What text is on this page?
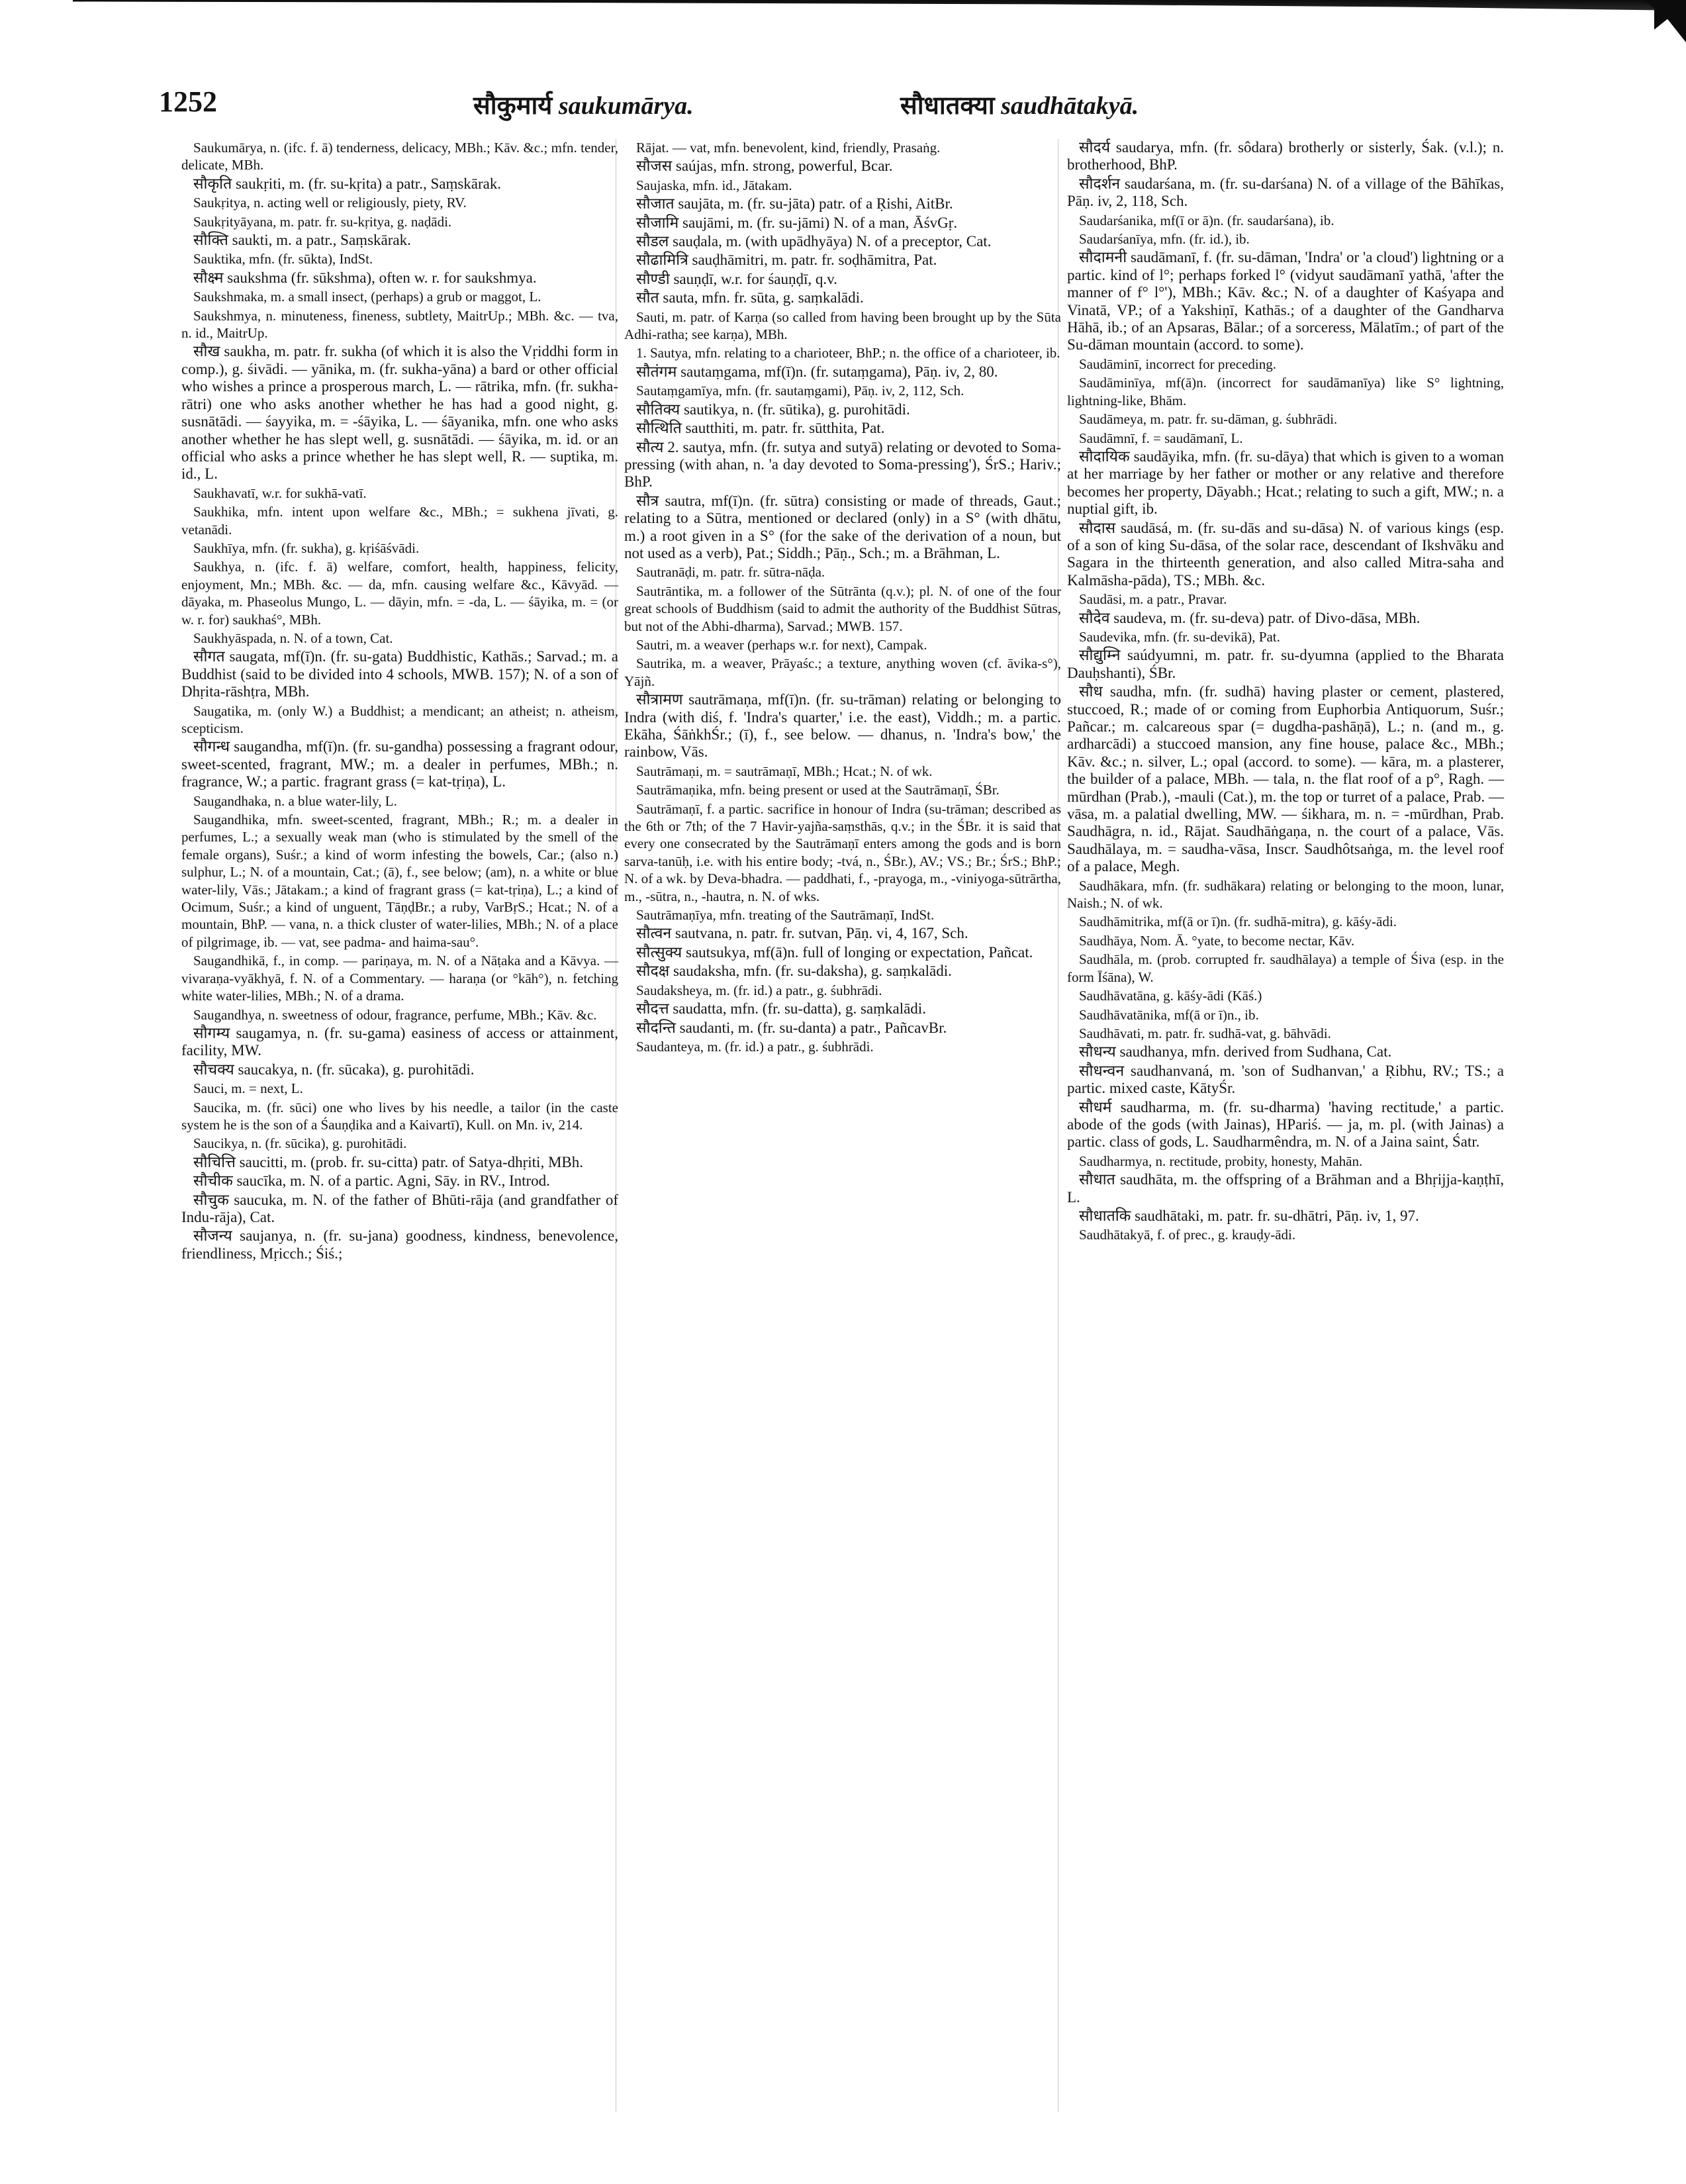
1252	सौकुमार्य saukumārya.	सौधातक्या saudhātakyā.

Saukumārya, n. (ifc. f. ā) tenderness, delicacy, MBh.; Kāv. &c.; mfn. tender, delicate, MBh.

सौकृति saukṛiti, m. (fr. su-kṛita) a patr., Saṃskārak.

Saukṛitya, n. acting well or religiously, piety, RV.

Saukṛityāyana, m. patr. fr. su-kṛitya, g. naḍādi.

सौक्ति saukti, m. a patr., Saṃskārak.

Sauktika, mfn. (fr. sūkta), IndSt.

सौक्ष्म saukshma (fr. sūkshma), often w. r. for saukshmya.

Saukshmaka, m. a small insect, (perhaps) a grub or maggot, L.

Saukshmya, n. minuteness, fineness, subtlety, MaitrUp.; MBh. &c. — tva, n. id., MaitrUp.

सौख saukha, m. patr. fr. sukha (of which it is also the Vṛiddhi form in comp.), g. śivādi. — yānika, m. (fr. sukha-yāna) a bard or other official who wishes a prince a prosperous march, L. — rātrika, mfn. (fr. sukha-rātri) one who asks another whether he has had a good night, g. susnātādi. — śayyika, m. = -śāyika, L. — śāyanika, mfn. one who asks another whether he has slept well, g. susnātādi. — śāyika, m. id. or an official who asks a prince whether he has slept well, R. — suptika, m. id., L.

Saukhavatī, w.r. for sukhā-vatī.

Saukhika, mfn. intent upon welfare &c., MBh.; = sukhena jīvati, g. vetanādi.

Saukhīya, mfn. (fr. sukha), g. kṛiśāśvādi.

Saukhya, n. (ifc. f. ā) welfare, comfort, health, happiness, felicity, enjoyment, Mn.; MBh. &c. — da, mfn. causing welfare &c., Kāvyād. — dāyaka, m. Phaseolus Mungo, L. — dāyin, mfn. = -da, L. — śāyika, m. = (or w. r. for) saukhaś°, MBh.

Saukhyāspada, n. N. of a town, Cat.

सौगत saugata, mf(ī)n. (fr. su-gata) Buddhistic, Kathās.; Sarvad.; m. a Buddhist (said to be divided into 4 schools, MWB. 157); N. of a son of Dhṛita-rāshṭra, MBh.

Saugatika, m. (only W.) a Buddhist; a mendicant; an atheist; n. atheism, scepticism.

सौगन्ध saugandha, mf(ī)n. (fr. su-gandha) possessing a fragrant odour, sweet-scented, fragrant, MW.; m. a dealer in perfumes, MBh.; n. fragrance, W.; a partic. fragrant grass (= kat-tṛiṇa), L.

Saugandhaka, n. a blue water-lily, L.

Saugandhika, mfn. sweet-scented, fragrant, MBh.; R.; m. a dealer in perfumes, L.; a sexually weak man (who is stimulated by the smell of the female organs), Suśr.; a kind of worm infesting the bowels, Car.; (also n.) sulphur, L.; N. of a mountain, Cat.; (ā), f., see below; (am), n. a white or blue water-lily, Vās.; Jātakam.; a kind of fragrant grass (= kat-tṛiṇa), L.; a kind of Ocimum, Suśr.; a kind of unguent, TāṇḍBr.; a ruby, VarBṛS.; Hcat.; N. of a mountain, BhP. — vana, n. a thick cluster of water-lilies, MBh.; N. of a place of pilgrimage, ib. — vat, see padma- and haima-sau°.

Saugandhikā, f., in comp. — pariṇaya, m. N. of a Nāṭaka and a Kāvya. — vivaraṇa-vyākhyā, f. N. of a Commentary. — haraṇa (or °kāh°), n. fetching white water-lilies, MBh.; N. of a drama.

Saugandhya, n. sweetness of odour, fragrance, perfume, MBh.; Kāv. &c.

सौगम्य saugamya, n. (fr. su-gama) easiness of access or attainment, facility, MW.

सौचक्य saucakya, n. (fr. sūcaka), g. purohitādi.

Sauci, m. = next, L.

Saucika, m. (fr. sūci) one who lives by his needle, a tailor (in the caste system he is the son of a Śauṇḍika and a Kaivartī), Kull. on Mn. iv, 214.

Saucikya, n. (fr. sūcika), g. purohitādi.

सौचित्ति saucitti, m. (prob. fr. su-citta) patr. of Satya-dhṛiti, MBh.

सौचीक saucīka, m. N. of a partic. Agni, Sāy. in RV., Introd.

सौचुक saucuka, m. N. of the father of Bhūti-rāja (and grandfather of Indu-rāja), Cat.

सौजन्य saujanya, n. (fr. su-jana) goodness, kindness, benevolence, friendliness, Mṛicch.; Śiś.;

Rājat. — vat, mfn. benevolent, kind, friendly, Prasaṅg.

सौजस saújas, mfn. strong, powerful, Bcar.

Saujaska, mfn. id., Jātakam.

सौजात saujāta, m. (fr. su-jāta) patr. of a Ṛishi, AitBr.

सौजामि saujāmi, m. (fr. su-jāmi) N. of a man, ĀśvGṛ.

सौडल sauḍala, m. (with upādhyāya) N. of a preceptor, Cat.

सौढामित्रि sauḍhāmitri, m. patr. fr. soḍhāmitra, Pat.

सौण्डी sauṇḍī, w.r. for śauṇḍī, q.v.

सौत sauta, mfn. fr. sūta, g. saṃkalādi.

Sauti, m. patr. of Karṇa (so called from having been brought up by the Sūta Adhi-ratha; see karṇa), MBh.

1. Sautya, mfn. relating to a charioteer, BhP.; n. the office of a charioteer, ib.

सौतंगम sautaṃgama, mf(ī)n. (fr. sutaṃgama), Pāṇ. iv, 2, 80.

Sautaṃgamīya, mfn. (fr. sautaṃgami), Pāṇ. iv, 2, 112, Sch.

सौतिक्य sautikya, n. (fr. sūtika), g. purohitādi.

सौत्थिति sautthiti, m. patr. fr. sūtthita, Pat.

सौत्य 2. sautya, mfn. (fr. sutya and sutyā) relating or devoted to Soma-pressing (with ahan, n. 'a day devoted to Soma-pressing'), ŚrS.; Hariv.; BhP.

सौत्र sautra, mf(ī)n. (fr. sūtra) consisting or made of threads, Gaut.; relating to a Sūtra, mentioned or declared (only) in a S° (with dhātu, m.) a root given in a S° (for the sake of the derivation of a noun, but not used as a verb), Pat.; Siddh.; Pāṇ., Sch.; m. a Brāhman, L.

Sautranāḍi, m. patr. fr. sūtra-nāḍa.

Sautrāntika, m. a follower of the Sūtrānta (q.v.); pl. N. of one of the four great schools of Buddhism (said to admit the authority of the Buddhist Sūtras, but not of the Abhi-dharma), Sarvad.; MWB. 157.

Sautri, m. a weaver (perhaps w.r. for next), Campak.

Sautrika, m. a weaver, Prāyaśc.; a texture, anything woven (cf. āvika-s°), Yājñ.

सौत्रामण sautrāmaṇa, mf(ī)n. (fr. su-trāman) relating or belonging to Indra (with diś, f. 'Indra's quarter,' i.e. the east), Viddh.; m. a partic. Ekāha, ŚāṅkhŚr.; (ī), f., see below. — dhanus, n. 'Indra's bow,' the rainbow, Vās.

Sautrāmaṇi, m. = sautrāmaṇī, MBh.; Hcat.; N. of wk.

Sautrāmaṇika, mfn. being present or used at the Sautrāmaṇī, ŚBr.

Sautrāmaṇī, f. a partic. sacrifice in honour of Indra (su-trāman; described as the 6th or 7th; of the 7 Havir-yajña-saṃsthās, q.v.; in the ŚBr. it is said that every one consecrated by the Sautrāmaṇī enters among the gods and is born sarva-tanūḥ, i.e. with his entire body; -tvá, n., ŚBr.), AV.; VS.; Br.; ŚrS.; BhP.; N. of a wk. by Deva-bhadra. — paddhati, f., -prayoga, m., -viniyoga-sūtrārtha, m., -sūtra, n., -hautra, n. N. of wks.

Sautrāmaṇīya, mfn. treating of the Sautrāmaṇī, IndSt.

सौत्वन sautvana, n. patr. fr. sutvan, Pāṇ. vi, 4, 167, Sch.

सौत्सुक्य sautsukya, mf(ā)n. full of longing or expectation, Pañcat.

सौदक्ष saudaksha, mfn. (fr. su-daksha), g. saṃkalādi.

Saudaksheya, m. (fr. id.) a patr., g. śubhrādi.

सौदत्त saudatta, mfn. (fr. su-datta), g. saṃkalādi.

सौदन्ति saudanti, m. (fr. su-danta) a patr., PañcavBr.

Saudanteya, m. (fr. id.) a patr., g. śubhrādi.

सौदर्य saudarya, mfn. (fr. sôdara) brotherly or sisterly, Śak. (v.l.); n. brotherhood, BhP.

सौदर्शन saudarśana, m. (fr. su-darśana) N. of a village of the Bāhīkas, Pāṇ. iv, 2, 118, Sch.

Saudarśanika, mf(ī or ā)n. (fr. saudarśana), ib.

Saudarśanīya, mfn. (fr. id.), ib.

सौदामनी saudāmanī, f. (fr. su-dāman, 'Indra' or 'a cloud') lightning or a partic. kind of l°; perhaps forked l° (vidyut saudāmanī yathā, 'after the manner of f° l°'), MBh.; Kāv. &c.; N. of a daughter of Kaśyapa and Vinatā, VP.; of a Yakshiṇī, Kathās.; of a daughter of the Gandharva Hāhā, ib.; of an Apsaras, Bālar.; of a sorceress, Mālatīm.; of part of the Su-dāman mountain (accord. to some).

Saudāminī, incorrect for preceding.

Saudāminīya, mf(ā)n. (incorrect for saudāmanīya) like S° lightning, lightning-like, Bhām.

Saudāmeya, m. patr. fr. su-dāman, g. śubhrādi.

Saudāmnī, f. = saudāmanī, L.

सौदायिक saudāyika, mfn. (fr. su-dāya) that which is given to a woman at her marriage by her father or mother or any relative and therefore becomes her property, Dāyabh.; Hcat.; relating to such a gift, MW.; n. a nuptial gift, ib.

सौदास saudāsá, m. (fr. su-dās and su-dāsa) N. of various kings (esp. of a son of king Su-dāsa, of the solar race, descendant of Ikshvāku and Sagara in the thirteenth generation, and also called Mitra-saha and Kalmāsha-pāda), TS.; MBh. &c.

Saudāsi, m. a patr., Pravar.

सौदेव saudeva, m. (fr. su-deva) patr. of Divo-dāsa, MBh.

Saudevika, mfn. (fr. su-devikā), Pat.

सौद्युम्नि saúdyumni, m. patr. fr. su-dyumna (applied to the Bharata Dauḥshanti), ŚBr.

सौध saudha, mfn. (fr. sudhā) having plaster or cement, plastered, stuccoed, R.; made of or coming from Euphorbia Antiquorum, Suśr.; Pañcar.; m. calcareous spar (= dugdha-pashāṇā), L.; n. (and m., g. ardharcādi) a stuccoed mansion, any fine house, palace &c., MBh.; Kāv. &c.; n. silver, L.; opal (accord. to some). — kāra, m. a plasterer, the builder of a palace, MBh. — tala, n. the flat roof of a p°, Ragh. — mūrdhan (Prab.), -mauli (Cat.), m. the top or turret of a palace, Prab. — vāsa, m. a palatial dwelling, MW. — śikhara, m. n. = -mūrdhan, Prab. Saudhāgra, n. id., Rājat. Saudhāṅgaṇa, n. the court of a palace, Vās. Saudhālaya, m. = saudha-vāsa, Inscr. Saudhôtsaṅga, m. the level roof of a palace, Megh.

Saudhākara, mfn. (fr. sudhākara) relating or belonging to the moon, lunar, Naish.; N. of wk.

Saudhāmitrika, mf(ā or ī)n. (fr. sudhā-mitra), g. kāśy-ādi.

Saudhāya, Nom. Ā. °yate, to become nectar, Kāv.

Saudhāla, m. (prob. corrupted fr. saudhālaya) a temple of Śiva (esp. in the form Īśāna), W.

Saudhāvatāna, g. kāśy-ādi (Kāś.)

Saudhāvatānika, mf(ā or ī)n., ib.

Saudhāvati, m. patr. fr. sudhā-vat, g. bāhvādi.

सौधन्य saudhanya, mfn. derived from Sudhana, Cat.

सौधन्वन saudhanvaná, m. 'son of Sudhanvan,' a Ṛibhu, RV.; TS.; a partic. mixed caste, KātyŚr.

सौधर्म saudharma, m. (fr. su-dharma) 'having rectitude,' a partic. abode of the gods (with Jainas), HPariś. — ja, m. pl. (with Jainas) a partic. class of gods, L. Saudharmêndra, m. N. of a Jaina saint, Śatr.

Saudharmya, n. rectitude, probity, honesty, Mahān.

सौधात saudhāta, m. the offspring of a Brāhman and a Bhṛijja-kaṇṭhī, L.

सौधातकि saudhātaki, m. patr. fr. su-dhātri, Pāṇ. iv, 1, 97.

Saudhātakyā, f. of prec., g. krauḍy-ādi.
